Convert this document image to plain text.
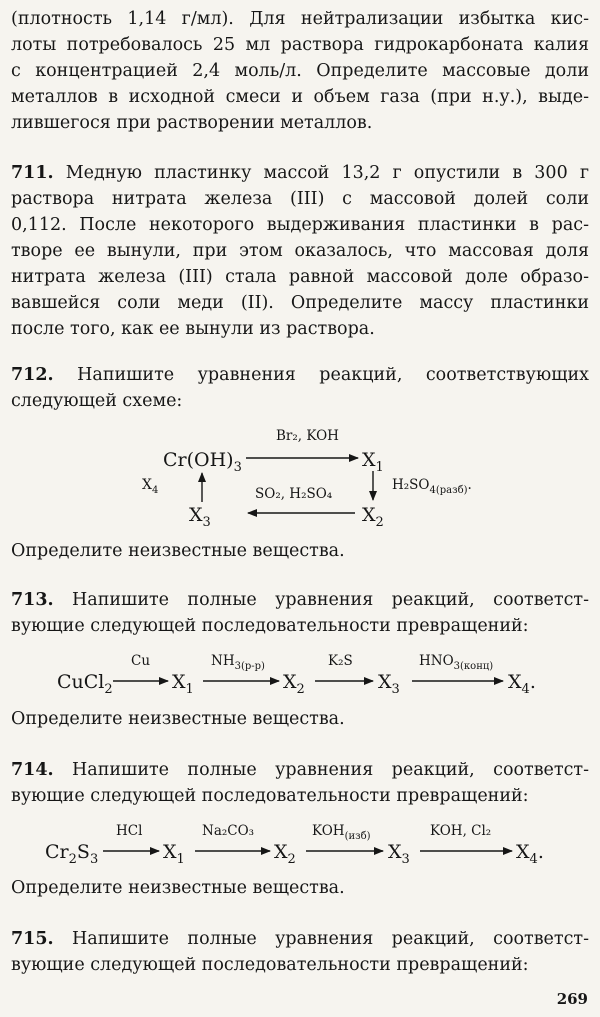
(плотность 1,14 г/мл). Для нейтрализации избытка кис-
лоты потребовалось 25 мл раствора гидрокарбоната калия
с концентрацией 2,4 моль/л. Определите массовые доли
металлов в исходной смеси и объем газа (при н.у.), выде-
лившегося при растворении металлов.
711. Медную пластинку массой 13,2 г опустили в 300 г
раствора нитрата железа (III) с массовой долей соли
0,112. После некоторого выдерживания пластинки в рас-
творе ее вынули, при этом оказалось, что массовая доля
нитрата железа (III) стала равной массовой доле образо-
вавшейся соли меди (II). Определите массу пластинки
после того, как ее вынули из раствора.
712. Напишите уравнения реакций, соответствующих
следующей схеме:

Определите неизвестные вещества.

713. Напишите полные уравнения реакций, соответст-
вующие следующей последовательности превращений:

Определите неизвестные вещества.

714. Напишите полные уравнения реакций, соответст-
вующие следующей последовательности превращений:

Определите неизвестные вещества.

715. Напишите полные уравнения реакций, соответст-
вующие следующей последовательности превращений:

269

$Cr(OH)_3$
Br₂, KOH
$X_1$
$H_2SO_{4(разб)}$.
$X_2$
SO₂, H₂SO₄
$X_3$
$X_4$
CuCl$_2$
Cu
$X_1$
$NH_{3(р-р)}$
$X_2$
K₂S
$X_3$
$HNO_{3(конц)}$
$X_4$.
$Cr_2S_3$
HCl
$X_1$
Na₂CO₃
$X_2$
$KOH_{(изб)}$
$X_3$
KOH, Cl₂
$X_4$.
